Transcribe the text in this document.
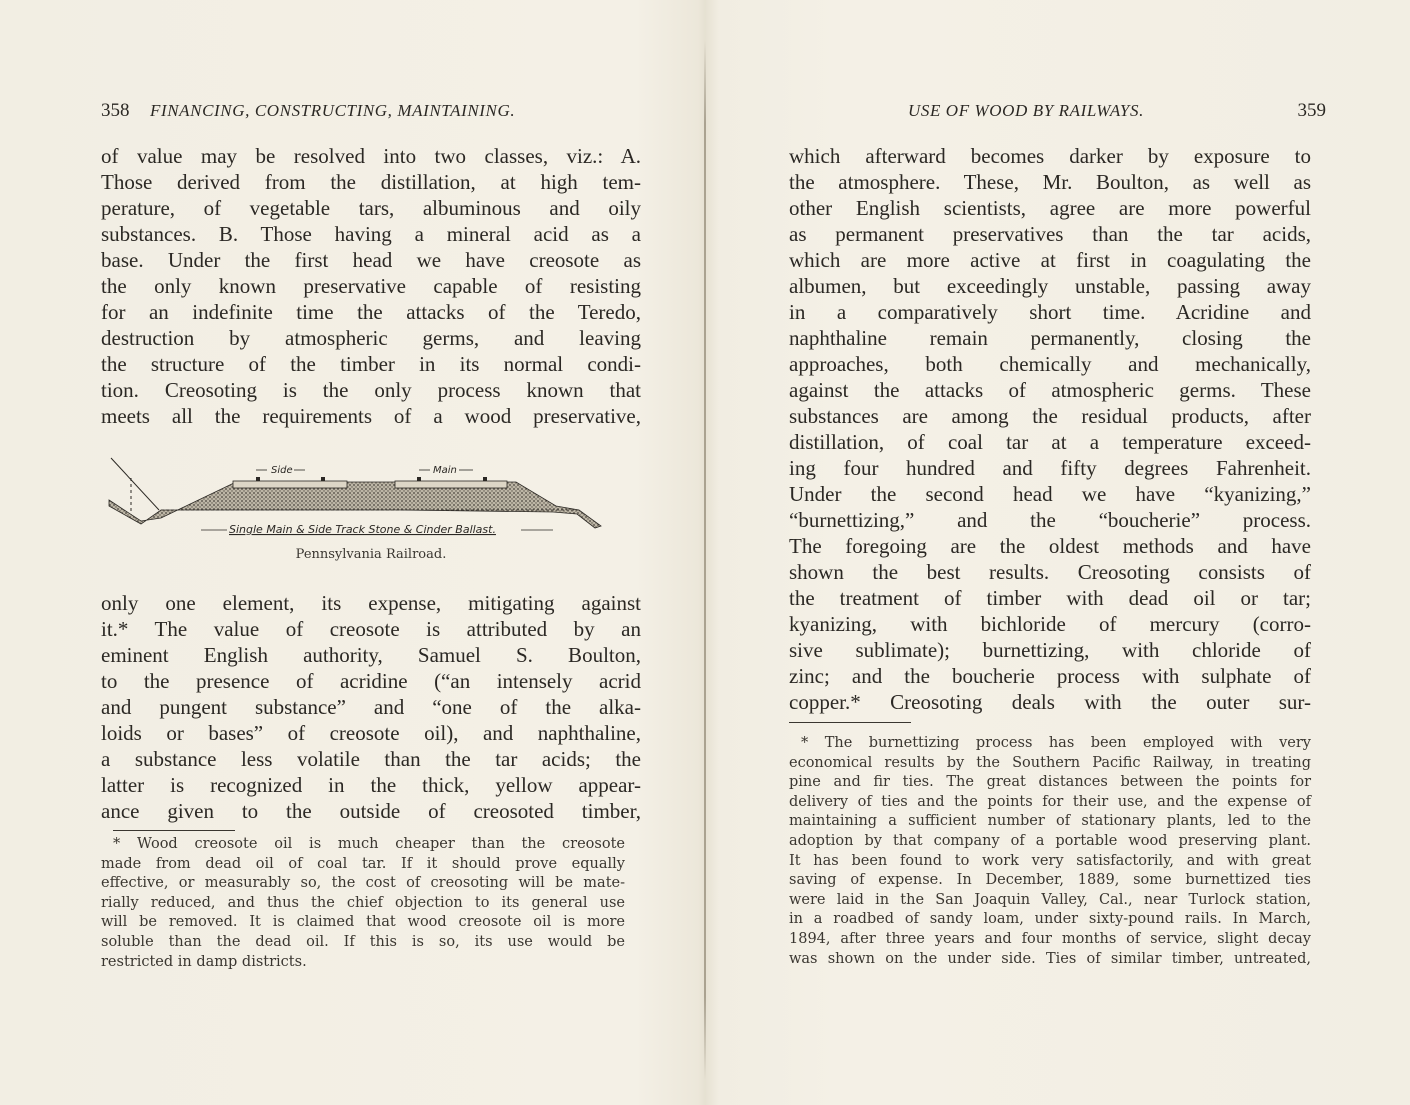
358 FINANCING, CONSTRUCTING, MAINTAINING.
of value may be resolved into two classes, viz.: A.
Those derived from the distillation, at high tem-
perature, of vegetable tars, albuminous and oily
substances. B. Those having a mineral acid as a
base. Under the first head we have creosote as
the only known preservative capable of resisting
for an indefinite time the attacks of the Teredo,
destruction by atmospheric germs, and leaving
the structure of the timber in its normal condi-
tion. Creosoting is the only process known that
meets all the requirements of a wood preservative,
Side	Main
Single Main & Side Track Stone & Cinder Ballast.
Pennsylvania Railroad.
only one element, its expense, mitigating against
it.* The value of creosote is attributed by an
eminent English authority, Samuel S. Boulton,
to the presence of acridine (“an intensely acrid
and pungent substance” and “one of the alka-
loids or bases” of creosote oil), and naphthaline,
a substance less volatile than the tar acids; the
latter is recognized in the thick, yellow appear-
ance given to the outside of creosoted timber,
* Wood creosote oil is much cheaper than the creosote
made from dead oil of coal tar. If it should prove equally
effective, or measurably so, the cost of creosoting will be mate-
rially reduced, and thus the chief objection to its general use
will be removed. It is claimed that wood creosote oil is more
soluble than the dead oil. If this is so, its use would be
restricted in damp districts.
USE OF WOOD BY RAILWAYS.	359
which afterward becomes darker by exposure to
the atmosphere. These, Mr. Boulton, as well as
other English scientists, agree are more powerful
as permanent preservatives than the tar acids,
which are more active at first in coagulating the
albumen, but exceedingly unstable, passing away
in a comparatively short time. Acridine and
naphthaline remain permanently, closing the
approaches, both chemically and mechanically,
against the attacks of atmospheric germs. These
substances are among the residual products, after
distillation, of coal tar at a temperature exceed-
ing four hundred and fifty degrees Fahrenheit.
Under the second head we have “kyanizing,”
“burnettizing,” and the “boucherie” process.
The foregoing are the oldest methods and have
shown the best results. Creosoting consists of
the treatment of timber with dead oil or tar;
kyanizing, with bichloride of mercury (corro-
sive sublimate); burnettizing, with chloride of
zinc; and the boucherie process with sulphate of
copper.* Creosoting deals with the outer sur-
* The burnettizing process has been employed with very
economical results by the Southern Pacific Railway, in treating
pine and fir ties. The great distances between the points for
delivery of ties and the points for their use, and the expense of
maintaining a sufficient number of stationary plants, led to the
adoption by that company of a portable wood preserving plant.
It has been found to work very satisfactorily, and with great
saving of expense. In December, 1889, some burnettized ties
were laid in the San Joaquin Valley, Cal., near Turlock station,
in a roadbed of sandy loam, under sixty-pound rails. In March,
1894, after three years and four months of service, slight decay
was shown on the under side. Ties of similar timber, untreated,
